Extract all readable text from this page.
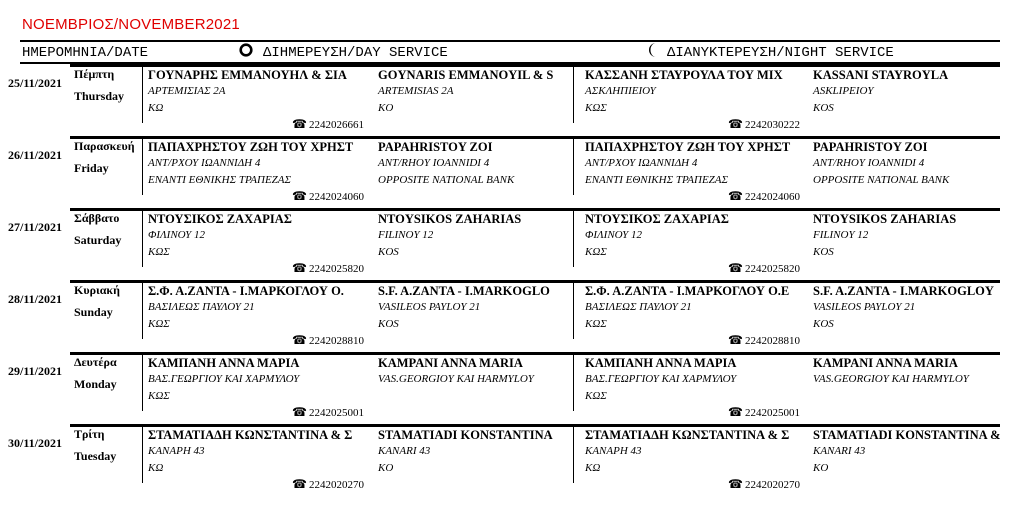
ΝΟΕΜΒΡΙΟΣ/NOVEMBER2021
ΗΜΕΡΟΜΗΝΙΑ/DATE	ΔΙΗΜΕΡΕΥΣΗ/DAY SERVICE	ΔΙΑΝΥΚΤΕΡΕΥΣΗ/NIGHT SERVICE
25/11/2021
Πέμπτη
Thursday
ΓΟΥΝΑΡΗΣ ΕΜΜΑΝΟΥΗΛ & ΣΙΑ
ΑΡΤΕΜΙΣΙΑΣ 2Α
ΚΩ
GOYNARIS EMMANOYIL & S
ARTEMISIAS 2A
KO
☎ 2242026661
ΚΑΣΣΑΝΗ ΣΤΑΥΡΟΥΛΑ ΤΟΥ ΜΙΧ
ΑΣΚΛΗΠΙΕΙΟΥ
ΚΩΣ
KASSANI STAYROYLA
ASKLIPEIOY
KOS
☎ 2242030222
26/11/2021
Παρασκευή
Friday
ΠΑΠΑΧΡΗΣΤΟΥ ΖΩΗ ΤΟΥ ΧΡΗΣΤ
ΑΝΤ/ΡΧΟΥ ΙΩΑΝΝΙΔΗ 4
ΕΝΑΝΤΙ ΕΘΝΙΚΗΣ ΤΡΑΠΕΖΑΣ
PAPAHRISTOY ZOI
ANT/RHOY IOANNIDI 4
OPPOSITE NATIONAL BANK
☎ 2242024060
ΠΑΠΑΧΡΗΣΤΟΥ ΖΩΗ ΤΟΥ ΧΡΗΣΤ
ΑΝΤ/ΡΧΟΥ ΙΩΑΝΝΙΔΗ 4
ΕΝΑΝΤΙ ΕΘΝΙΚΗΣ ΤΡΑΠΕΖΑΣ
PAPAHRISTOY ZOI
ANT/RHOY IOANNIDI 4
OPPOSITE NATIONAL BANK
☎ 2242024060
27/11/2021
Σάββατο
Saturday
ΝΤΟΥΣΙΚΟΣ ΖΑΧΑΡΙΑΣ
ΦΙΛΙΝΟΥ 12
ΚΩΣ
NTOYSIKOS ZAHARIAS
FILINOY 12
KOS
☎ 2242025820
ΝΤΟΥΣΙΚΟΣ ΖΑΧΑΡΙΑΣ
ΦΙΛΙΝΟΥ 12
ΚΩΣ
NTOYSIKOS ZAHARIAS
FILINOY 12
KOS
☎ 2242025820
28/11/2021
Κυριακή
Sunday
Σ.Φ. Α.ΖΑΝΤΑ - Ι.ΜΑΡΚΟΓΛΟΥ Ο.
ΒΑΣΙΛΕΩΣ ΠΑΥΛΟΥ 21
ΚΩΣ
S.F. A.ZANTA - I.MARKOGLO
VASILEOS PAYLOY 21
KOS
☎ 2242028810
Σ.Φ. Α.ΖΑΝΤΑ - Ι.ΜΑΡΚΟΓΛΟΥ Ο.Ε
ΒΑΣΙΛΕΩΣ ΠΑΥΛΟΥ 21
ΚΩΣ
S.F. A.ZANTA - I.MARKOGLOY
VASILEOS PAYLOY 21
KOS
☎ 2242028810
29/11/2021
Δευτέρα
Monday
ΚΑΜΠΑΝΗ ΑΝΝΑ ΜΑΡΙΑ
ΒΑΣ.ΓΕΩΡΓΙΟΥ ΚΑΙ ΧΑΡΜΥΛΟΥ
ΚΩΣ
KAMPANI ANNA MARIA
VAS.GEORGIOY KAI HARMYLOY
☎ 2242025001
ΚΑΜΠΑΝΗ ΑΝΝΑ ΜΑΡΙΑ
ΒΑΣ.ΓΕΩΡΓΙΟΥ ΚΑΙ ΧΑΡΜΥΛΟΥ
ΚΩΣ
KAMPANI ANNA MARIA
VAS.GEORGIOY KAI HARMYLOY
☎ 2242025001
30/11/2021
Τρίτη
Tuesday
ΣΤΑΜΑΤΙΑΔΗ ΚΩΝΣΤΑΝΤΙΝΑ & Σ
ΚΑΝΑΡΗ 43
ΚΩ
STAMATIADI KONSTANTINA
KANARI 43
KO
☎ 2242020270
ΣΤΑΜΑΤΙΑΔΗ ΚΩΝΣΤΑΝΤΙΝΑ & Σ
ΚΑΝΑΡΗ 43
ΚΩ
STAMATIADI KONSTANTINA &
KANARI 43
KO
☎ 2242020270
